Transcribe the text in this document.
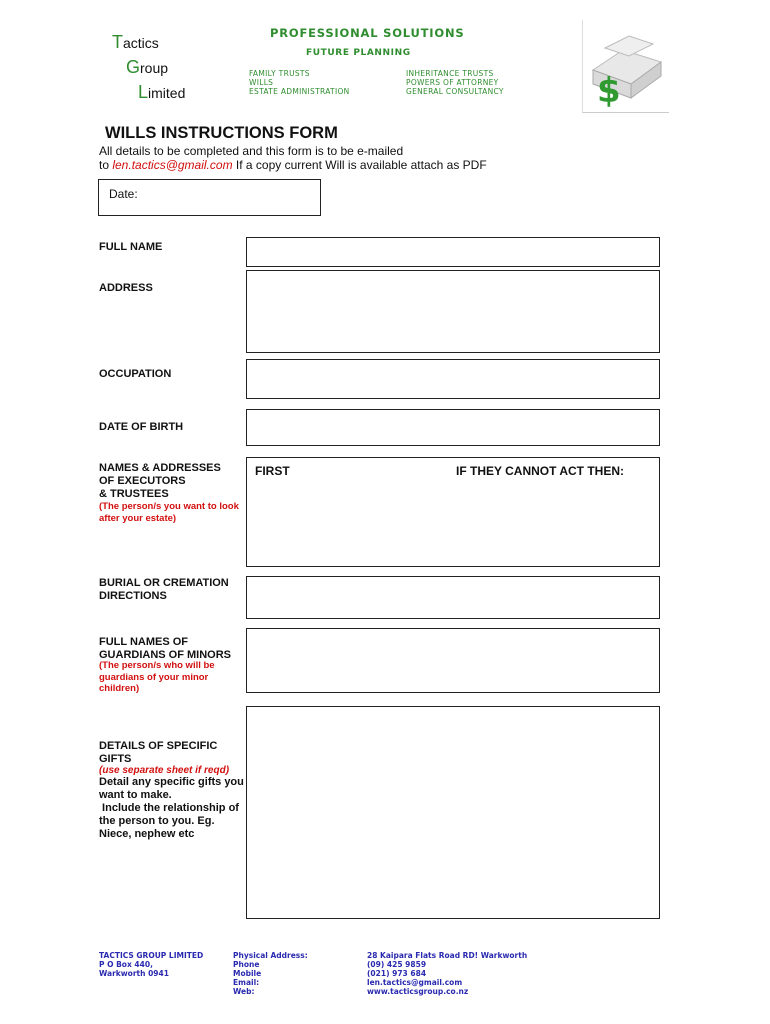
Tactics
Group
Limited
PROFESSIONAL SOLUTIONS
FUTURE PLANNING
FAMILY TRUSTS
WILLS
ESTATE ADMINISTRATION
INHERITANCE TRUSTS
POWERS OF ATTORNEY
GENERAL CONSULTANCY	$
WILLS INSTRUCTIONS FORM
All details to be completed and this form is to be e-mailed
to len.tactics@gmail.com If a copy current Will is available attach as PDF
Date:
FULL NAME
ADDRESS
OCCUPATION
DATE OF BIRTH
NAMES & ADDRESSES
OF EXECUTORS
& TRUSTEES
(The person/s you want to look
after your estate)
FIRST	IF THEY CANNOT ACT THEN:
BURIAL OR CREMATION
DIRECTIONS
FULL NAMES OF
GUARDIANS OF MINORS
(The person/s who will be
guardians of your minor
children)
DETAILS OF SPECIFIC
GIFTS
(use separate sheet if reqd)
Detail any specific gifts you
want to make.
Include the relationship of
the person to you. Eg.
Niece, nephew etc
TACTICS GROUP LIMITED
P O Box 440,
Warkworth 0941
Physical Address:
Phone
Mobile
Email:
Web:
28 Kaipara Flats Road RD! Warkworth
(09) 425 9859
(021) 973 684
len.tactics@gmail.com
www.tacticsgroup.co.nz
